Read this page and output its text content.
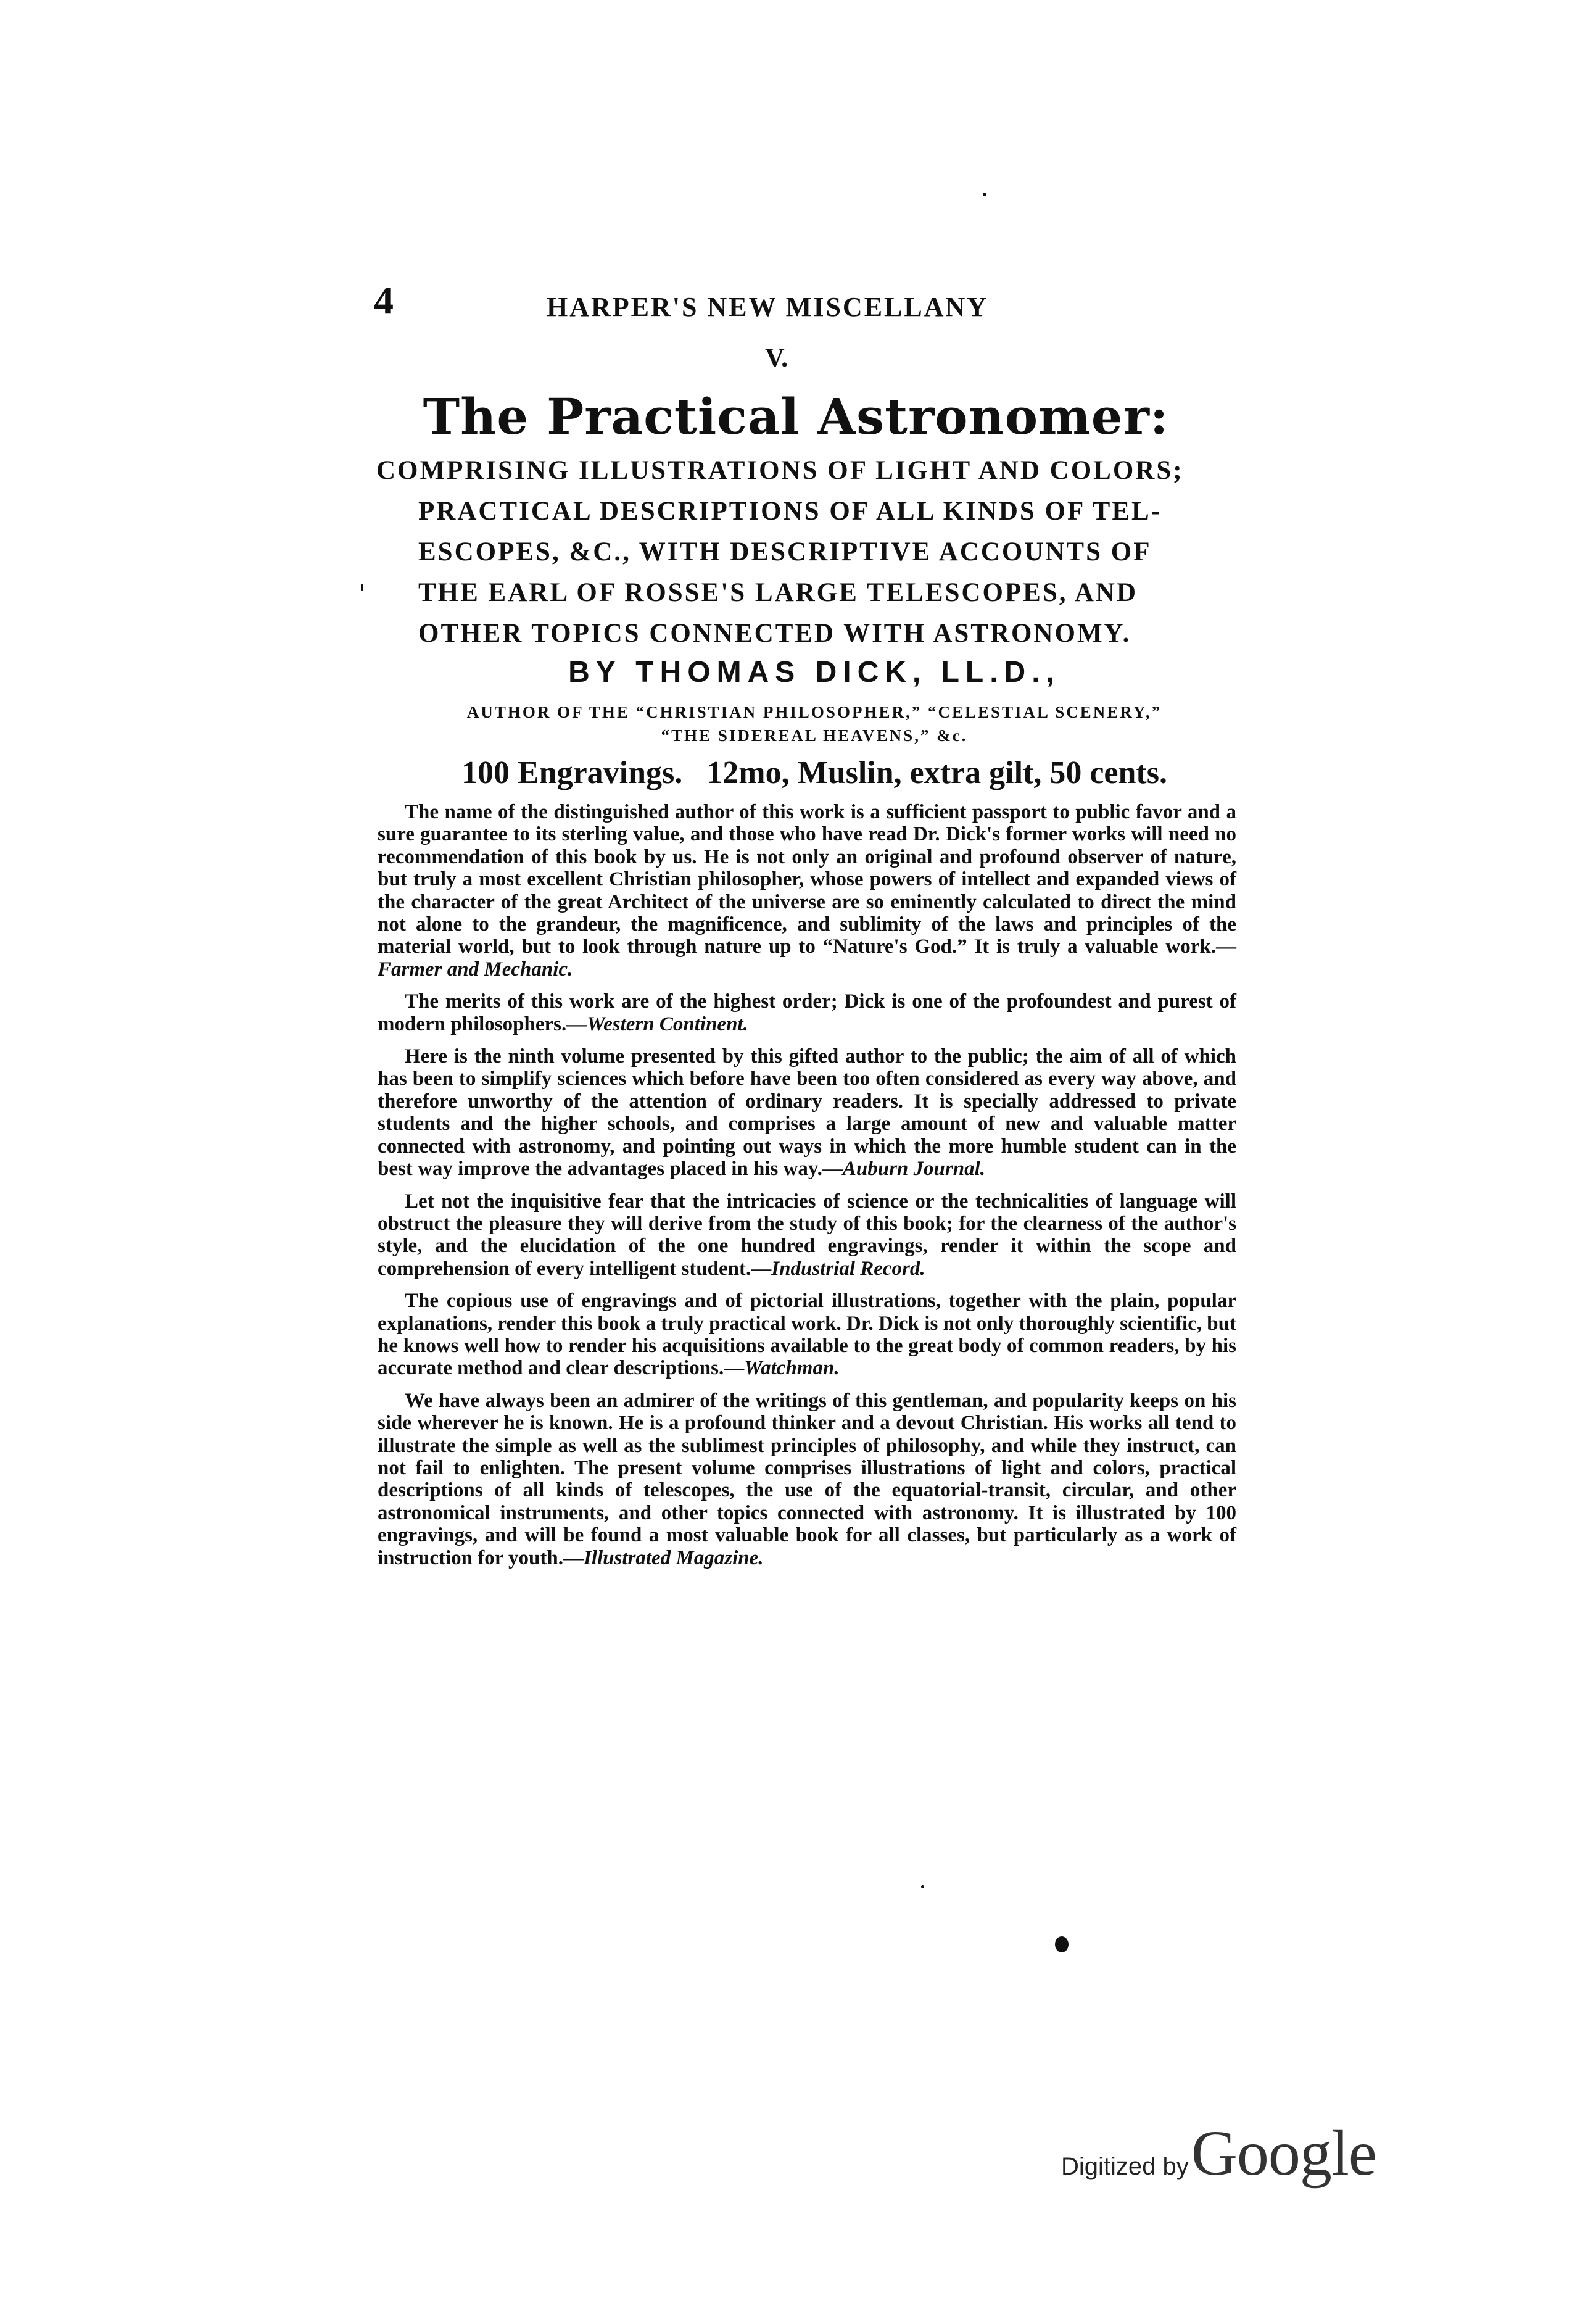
4	HARPER'S NEW MISCELLANY
V.
The Practical Astronomer:
COMPRISING ILLUSTRATIONS OF LIGHT AND COLORS;
PRACTICAL DESCRIPTIONS OF ALL KINDS OF TEL-
ESCOPES, &C., WITH DESCRIPTIVE ACCOUNTS OF
THE EARL OF ROSSE'S LARGE TELESCOPES, AND
OTHER TOPICS CONNECTED WITH ASTRONOMY.
BY THOMAS DICK, LL.D.,
AUTHOR OF THE “CHRISTIAN PHILOSOPHER,” “CELESTIAL SCENERY,”
“THE SIDEREAL HEAVENS,” &c.
100 Engravings. 12mo, Muslin, extra gilt, 50 cents.

The name of the distinguished author of this work is a sufficient passport to public favor and a sure guarantee to its sterling value, and those who have read Dr. Dick's former works will need no recommendation of this book by us. He is not only an original and profound observer of nature, but truly a most excellent Christian philosopher, whose powers of intellect and expanded views of the character of the great Architect of the universe are so eminently calculated to direct the mind not alone to the grandeur, the magnificence, and sublimity of the laws and principles of the material world, but to look through nature up to “Nature's God.” It is truly a valuable work.—Farmer and Mechanic.

The merits of this work are of the highest order; Dick is one of the profoundest and purest of modern philosophers.—Western Continent.

Here is the ninth volume presented by this gifted author to the public; the aim of all of which has been to simplify sciences which before have been too often considered as every way above, and therefore unworthy of the attention of ordinary readers. It is specially addressed to private students and the higher schools, and comprises a large amount of new and valuable matter connected with astronomy, and pointing out ways in which the more humble student can in the best way improve the advantages placed in his way.—Auburn Journal.

Let not the inquisitive fear that the intricacies of science or the technicalities of language will obstruct the pleasure they will derive from the study of this book; for the clearness of the author's style, and the elucidation of the one hundred engravings, render it within the scope and comprehension of every intelligent student.—Industrial Record.

The copious use of engravings and of pictorial illustrations, together with the plain, popular explanations, render this book a truly practical work. Dr. Dick is not only thoroughly scientific, but he knows well how to render his acquisitions available to the great body of common readers, by his accurate method and clear descriptions.—Watchman.

We have always been an admirer of the writings of this gentleman, and popularity keeps on his side wherever he is known. He is a profound thinker and a devout Christian. His works all tend to illustrate the simple as well as the sublimest principles of philosophy, and while they instruct, can not fail to enlighten. The present volume comprises illustrations of light and colors, practical descriptions of all kinds of telescopes, the use of the equatorial-transit, circular, and other astronomical instruments, and other topics connected with astronomy. It is illustrated by 100 engravings, and will be found a most valuable book for all classes, but particularly as a work of instruction for youth.—Illustrated Magazine.

Digitized by Google
